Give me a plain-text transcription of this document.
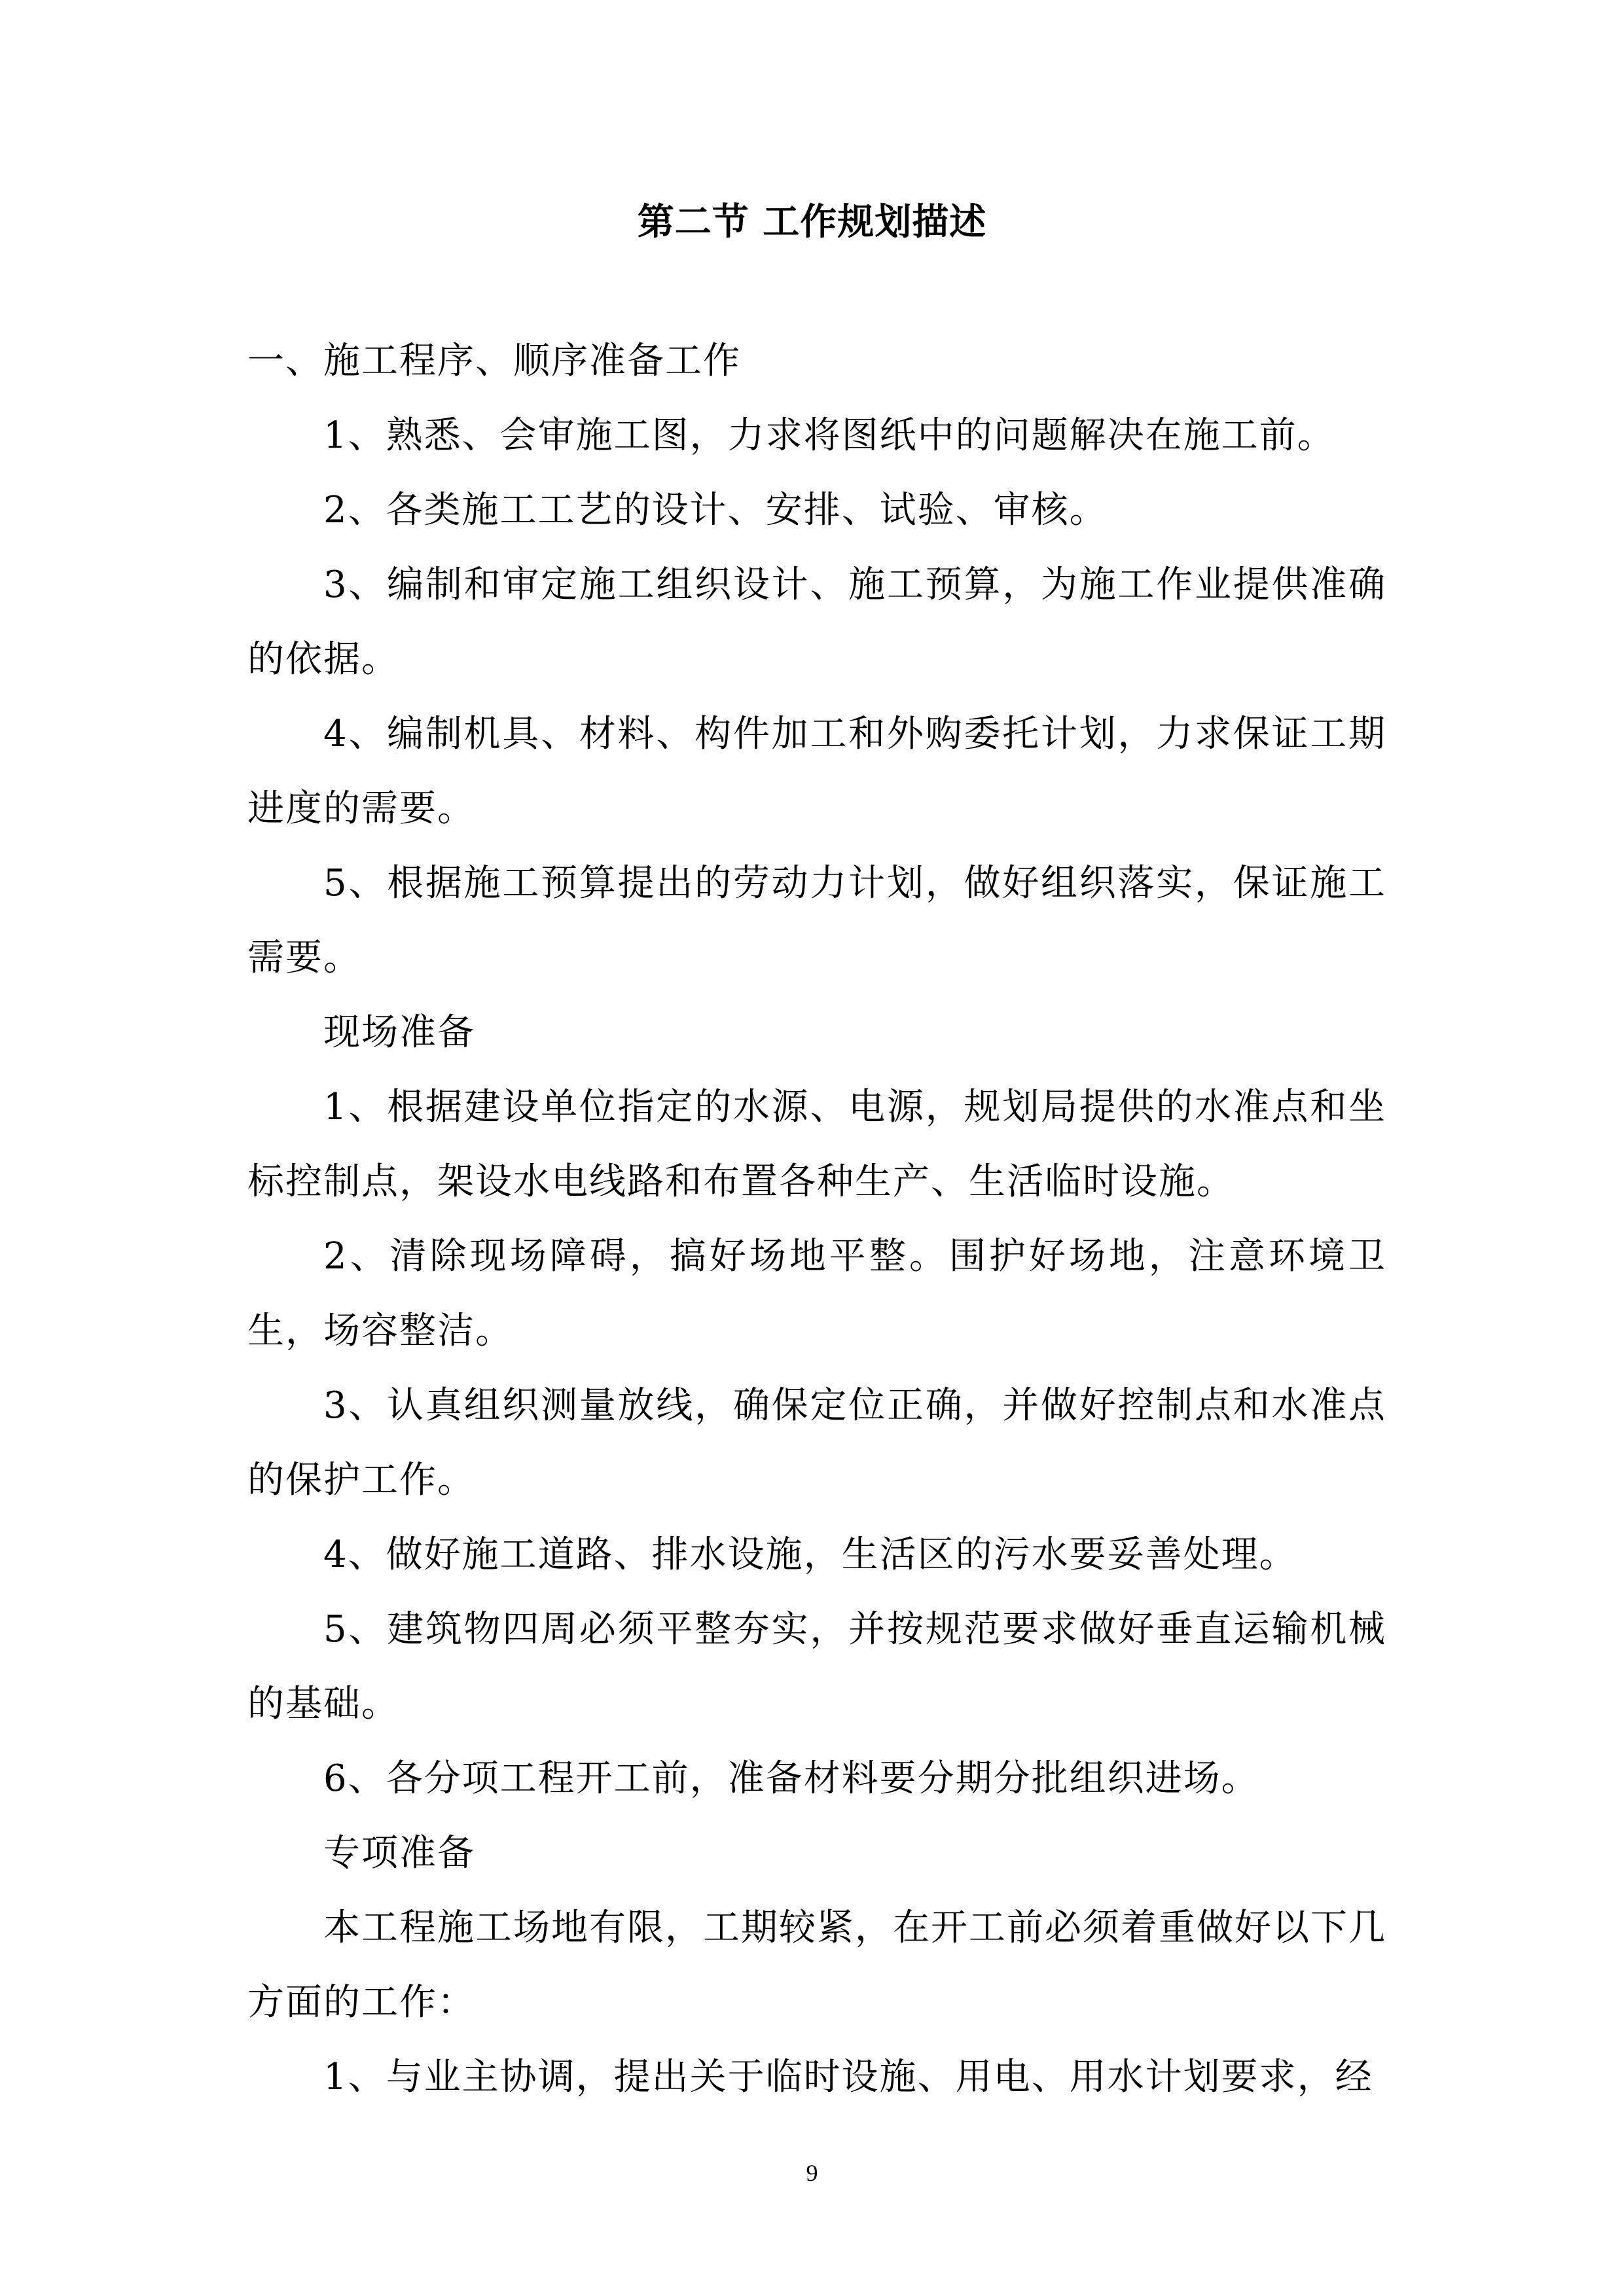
第二节 工作规划描述

一、施工程序、顺序准备工作

1、熟悉、会审施工图，力求将图纸中的问题解决在施工前。

2、各类施工工艺的设计、安排、试验、审核。

3、编制和审定施工组织设计、施工预算，为施工作业提供准确的依据。

4、编制机具、材料、构件加工和外购委托计划，力求保证工期进度的需要。

5、根据施工预算提出的劳动力计划，做好组织落实，保证施工需要。

现场准备

1、根据建设单位指定的水源、电源，规划局提供的水准点和坐标控制点，架设水电线路和布置各种生产、生活临时设施。

2、清除现场障碍，搞好场地平整。围护好场地，注意环境卫生，场容整洁。

3、认真组织测量放线，确保定位正确，并做好控制点和水准点的保护工作。

4、做好施工道路、排水设施，生活区的污水要妥善处理。

5、建筑物四周必须平整夯实，并按规范要求做好垂直运输机械的基础。

6、各分项工程开工前，准备材料要分期分批组织进场。

专项准备

本工程施工场地有限，工期较紧，在开工前必须着重做好以下几方面的工作：

1、与业主协调，提出关于临时设施、用电、用水计划要求，经

9
